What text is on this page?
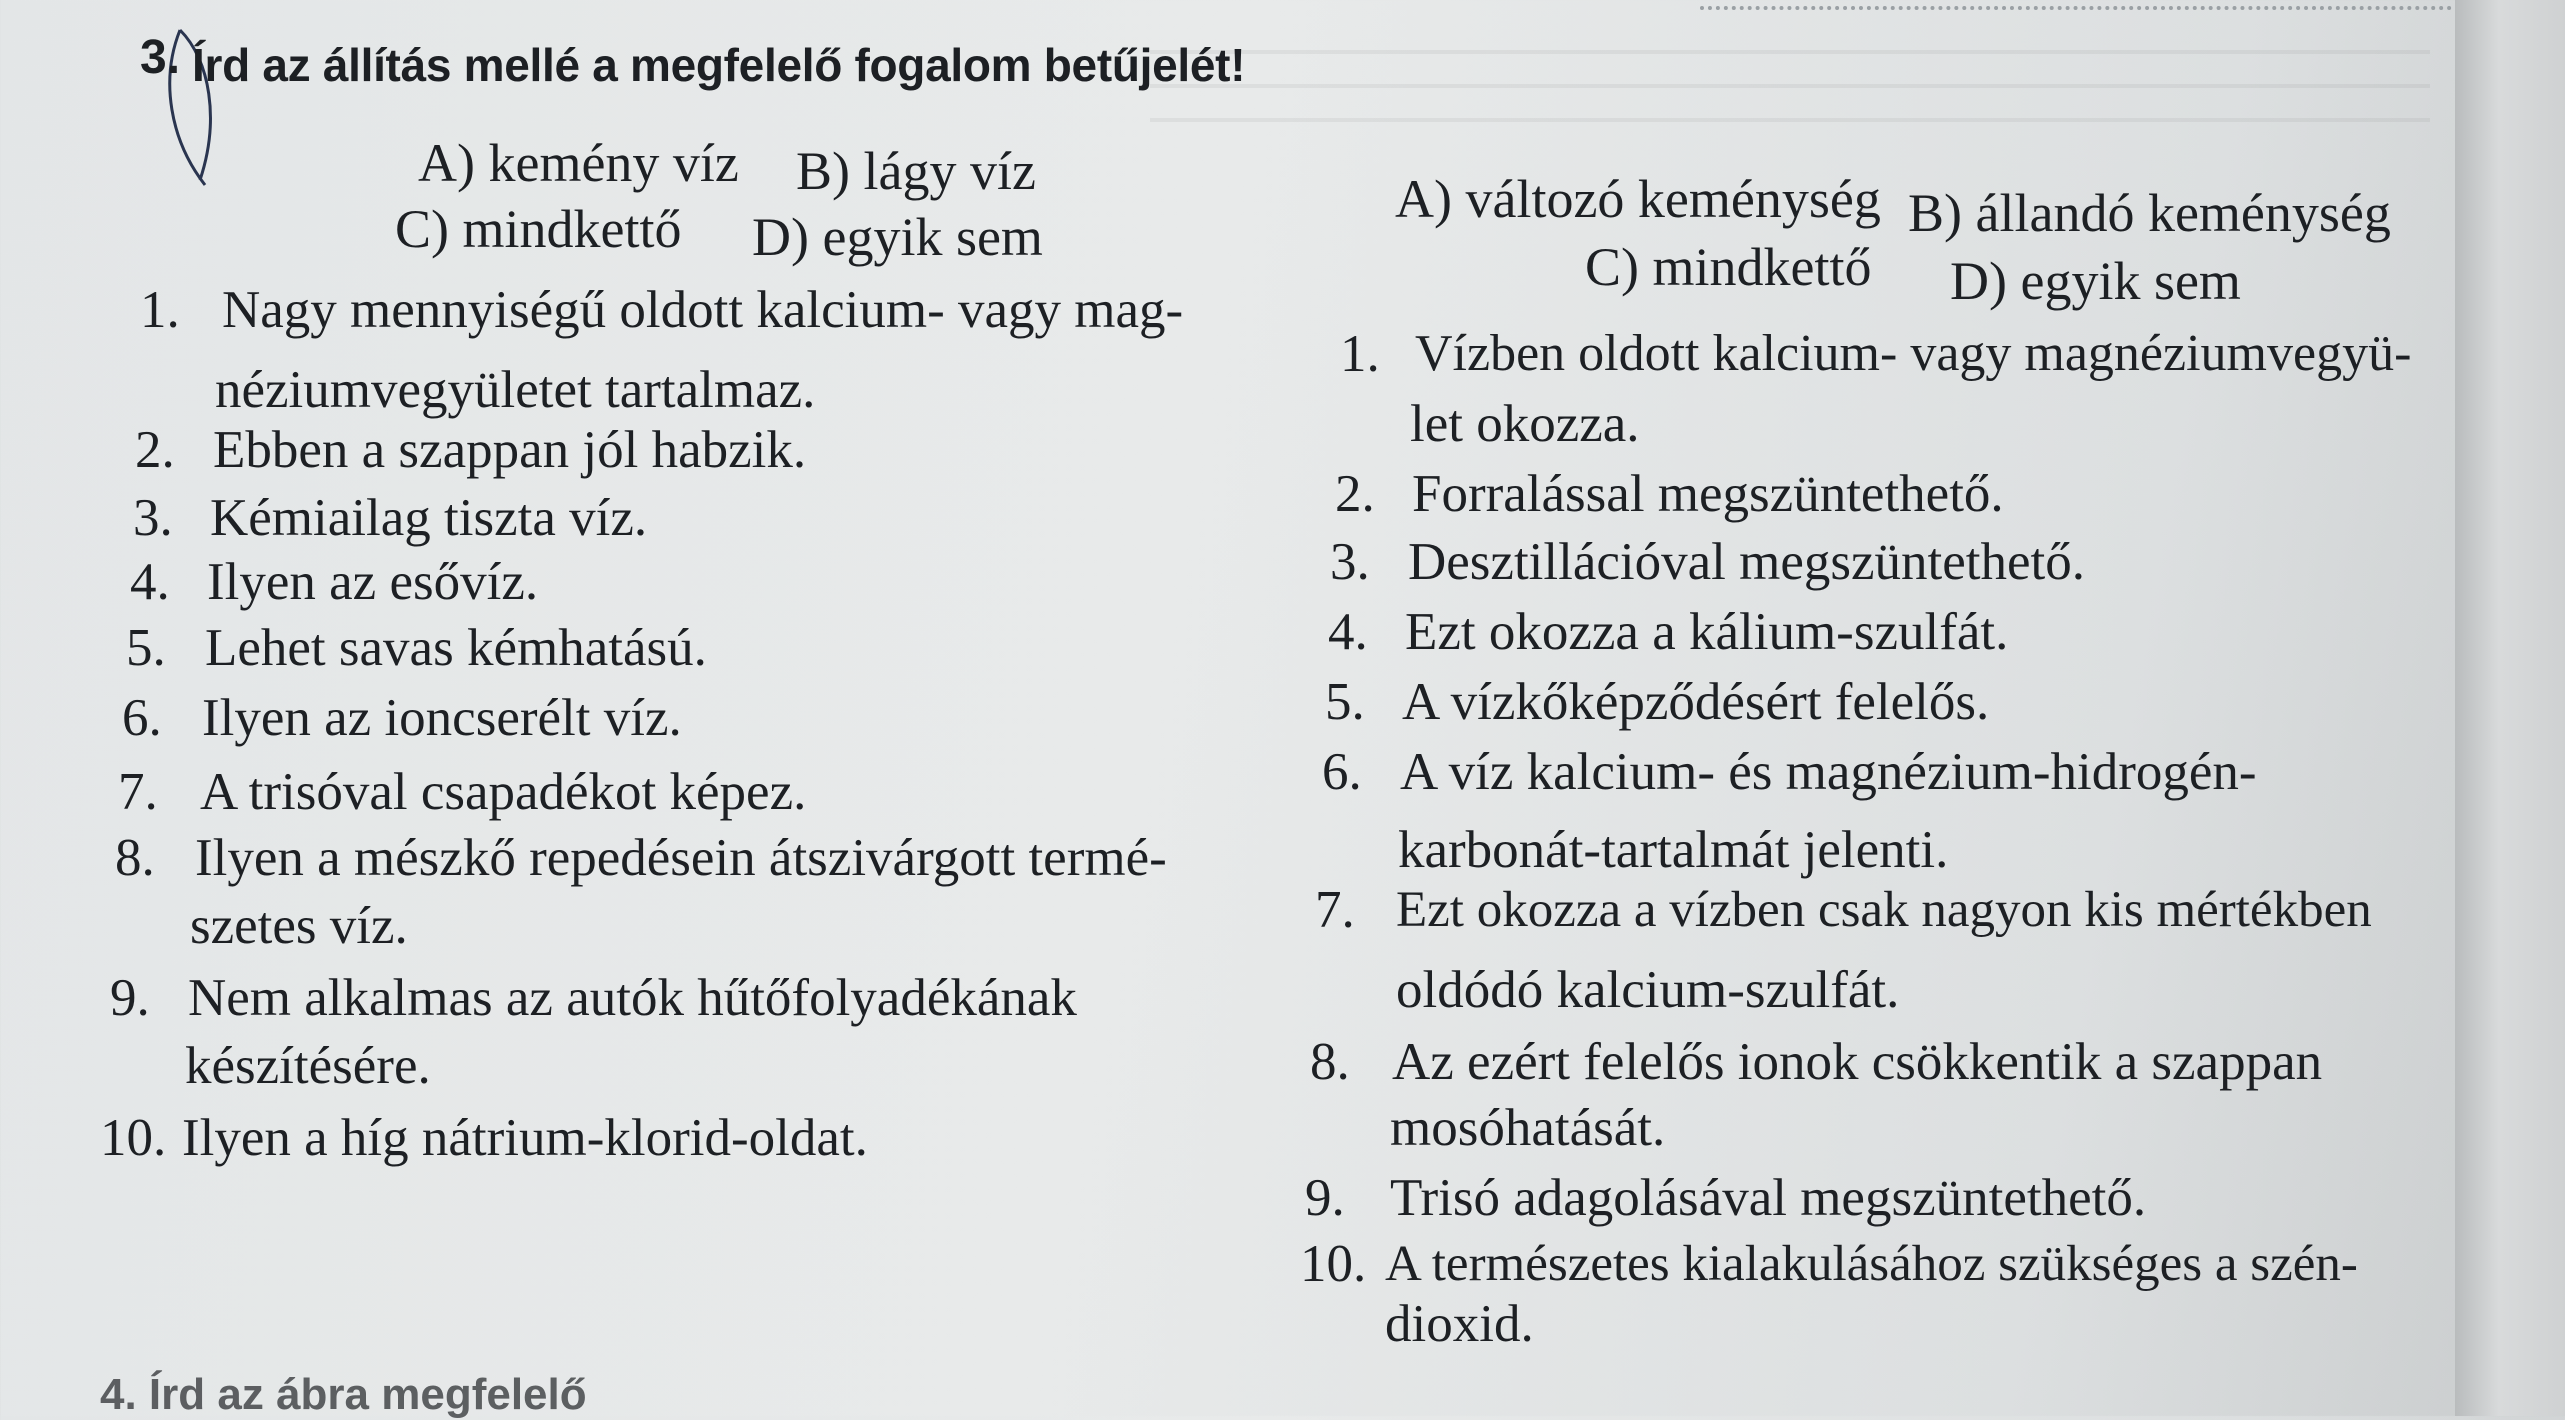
3. Írd az állítás mellé a megfelelő fogalom betűjelét!
A) kemény víz B) lágy víz
C) mindkettő D) egyik sem
A) változó keménység B) állandó keménység
C) mindkettő D) egyik sem
1. Nagy mennyiségű oldott kalcium- vagy mag-
néziumvegyületet tartalmaz.
2. Ebben a szappan jól habzik.
3. Kémiailag tiszta víz.
4. Ilyen az esővíz.
5. Lehet savas kémhatású.
6. Ilyen az ioncserélt víz.
7. A trisóval csapadékot képez.
8. Ilyen a mészkő repedésein átszivárgott termé-
szetes víz.
9. Nem alkalmas az autók hűtőfolyadékának
készítésére.
10. Ilyen a híg nátrium-klorid-oldat.
1. Vízben oldott kalcium- vagy magnéziumvegyü-
let okozza.
2. Forralással megszüntethető.
3. Desztillációval megszüntethető.
4. Ezt okozza a kálium-szulfát.
5. A vízkőképződésért felelős.
6. A víz kalcium- és magnézium-hidrogén-
karbonát-tartalmát jelenti.
7. Ezt okozza a vízben csak nagyon kis mértékben
oldódó kalcium-szulfát.
8. Az ezért felelős ionok csökkentik a szappan
mosóhatását.
9. Trisó adagolásával megszüntethető.
10. A természetes kialakulásához szükséges a szén-
dioxid.
4. Írd az ábra megfelelő
